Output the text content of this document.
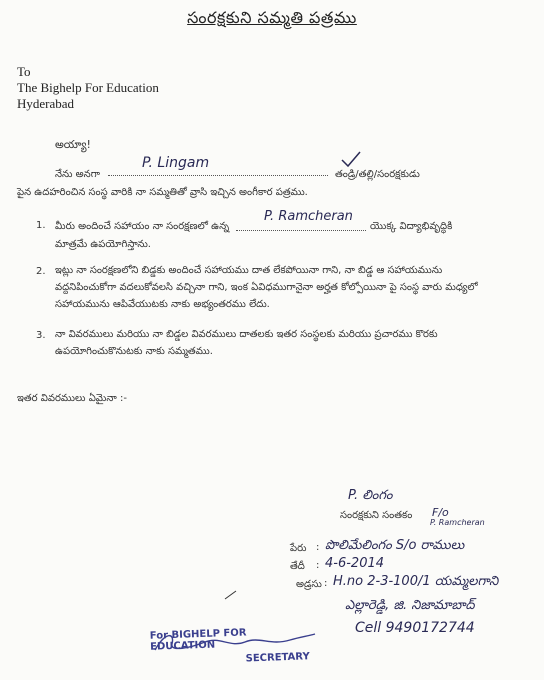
సంరక్షకుని సమ్మతి పత్రము
To
The Bighelp For Education
Hyderabad
అయ్యా!
నేను అనగా
P. Lingam
తండ్రి/తల్లి/సంరక్షకుడు
పైన ఉదహరించిన సంస్థ వారికి నా సమ్మతితో వ్రాసి ఇచ్చిన అంగీకార పత్రము.
1. మీరు అందించే సహాయం నా సంరక్షణలో ఉన్న
P. Ramcheran
యొక్క విద్యాభివృద్ధికి
మాత్రమే ఉపయోగిస్తాను.
2. ఇట్లు నా సంరక్షణలోని బిడ్డకు అందించే సహాయము దాత లేకపోయినా గాని, నా బిడ్డ ఆ సహాయమును వద్దనిపించుకోగా వదలుకోవలసి వచ్చినా గాని, ఇంక ఏవిధముగానైనా అర్హత కోల్పోయినా పై సంస్థ వారు మధ్యలో సహాయమును ఆపివేయుటకు నాకు అభ్యంతరము లేదు.
3. నా వివరములు మరియు నా బిడ్డల వివరములు దాతలకు ఇతర సంస్థలకు మరియు ప్రచారము కొరకు ఉపయోగించుకొనుటకు నాకు సమ్మతము.
ఇతర వివరములు ఏమైనా :-
P. లింగం
సంరక్షకుని సంతకం F/o
P. Ramcheran
పేరు : పొలిమేలింగం S/o రాములు
తేదీ : 4-6-2014
అడ్రసు : H.no 2-3-100/1 యమ్మలగాని
ఎల్లారెడ్డి, జి. నిజామాబాద్
Cell 9490172744
For BIGHELP FOR EDUCATION
SECRETARY
